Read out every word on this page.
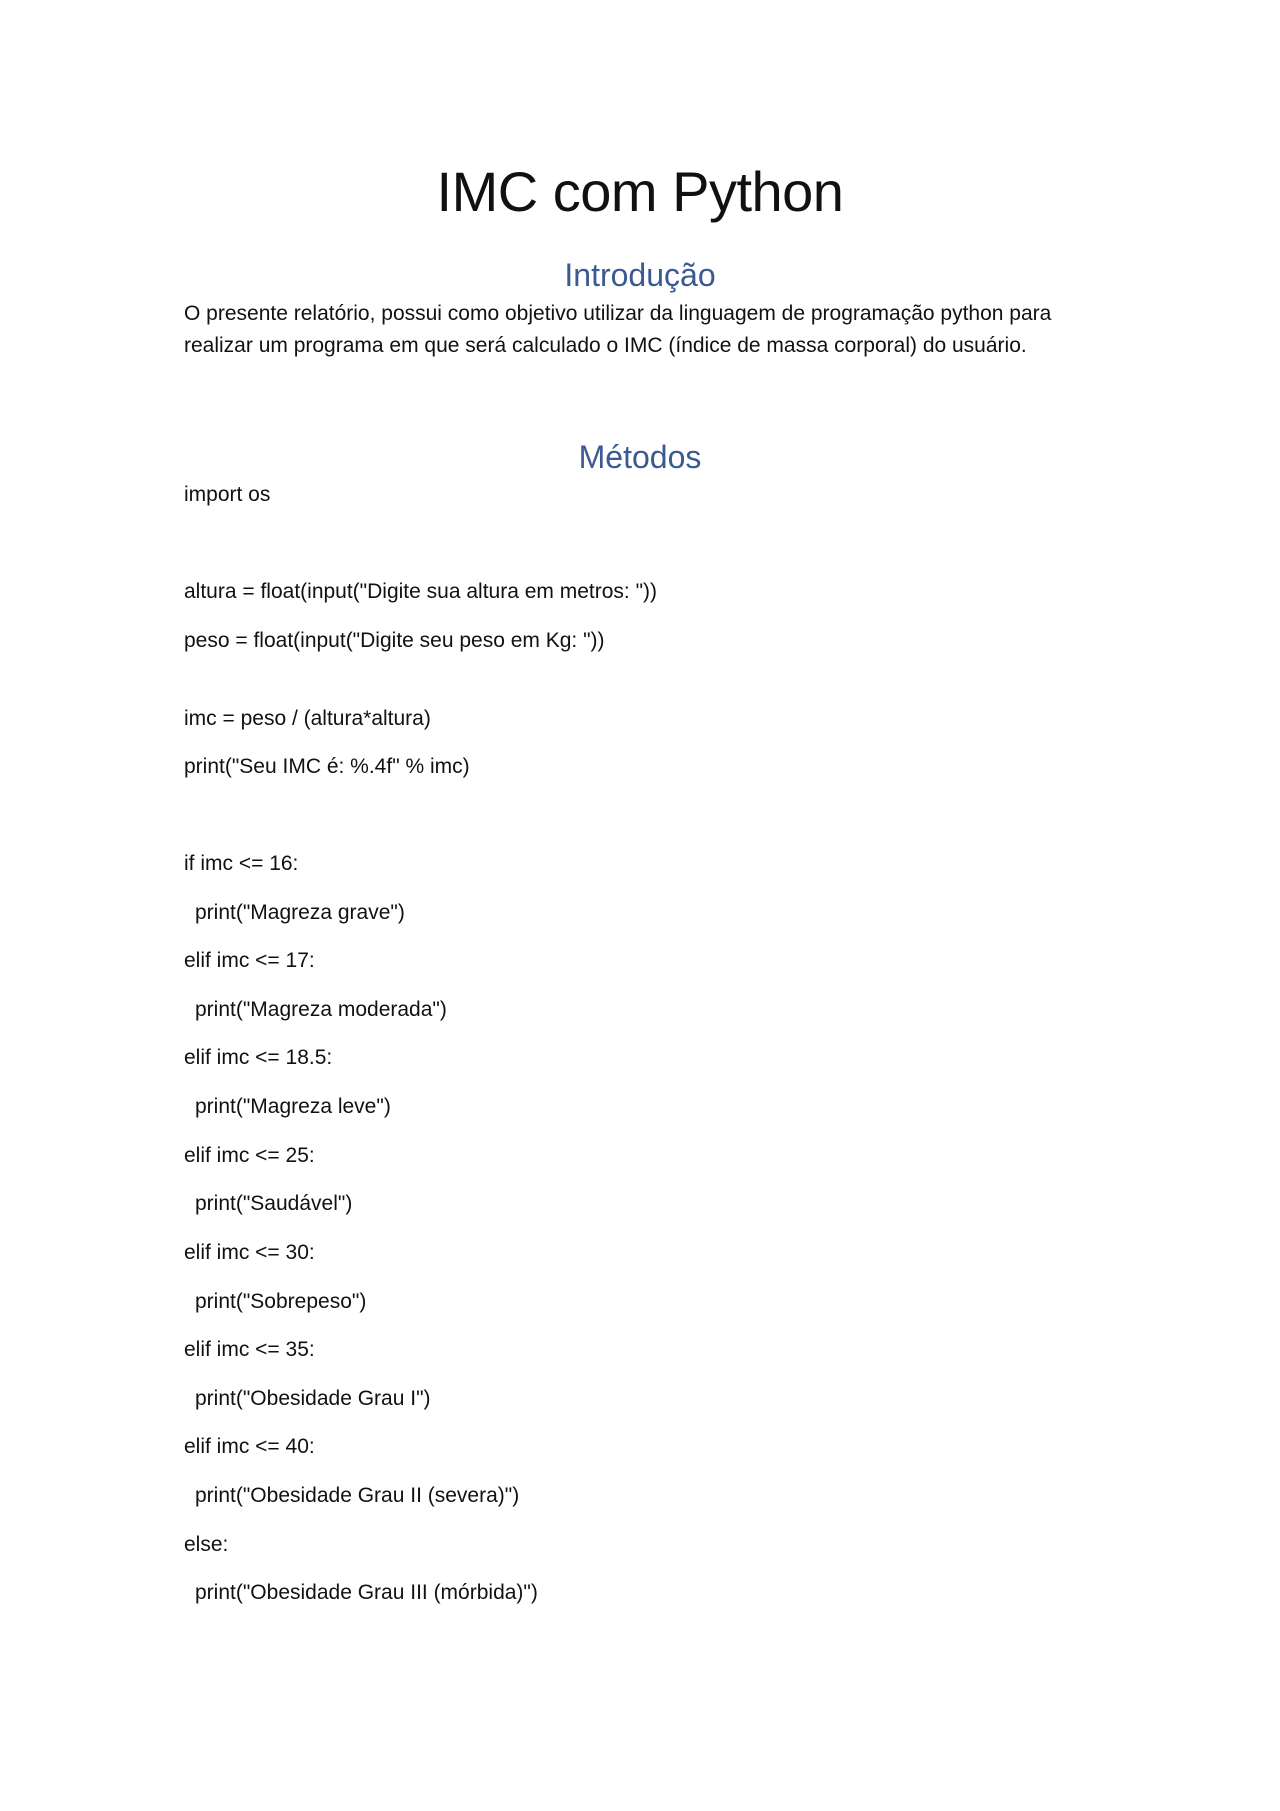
IMC com Python
Introdução
O presente relatório, possui como objetivo utilizar da linguagem de programação python para realizar um programa em que será calculado o IMC (índice de massa corporal) do usuário.
Métodos
import os
altura = float(input("Digite sua altura em metros: "))
peso = float(input("Digite seu peso em Kg: "))
imc = peso / (altura*altura)
print("Seu IMC é: %.4f" % imc)
if imc <= 16:
print("Magreza grave")
elif imc <= 17:
print("Magreza moderada")
elif imc <= 18.5:
print("Magreza leve")
elif imc <= 25:
print("Saudável")
elif imc <= 30:
print("Sobrepeso")
elif imc <= 35:
print("Obesidade Grau I")
elif imc <= 40:
print("Obesidade Grau II (severa)")
else:
print("Obesidade Grau III (mórbida)")
